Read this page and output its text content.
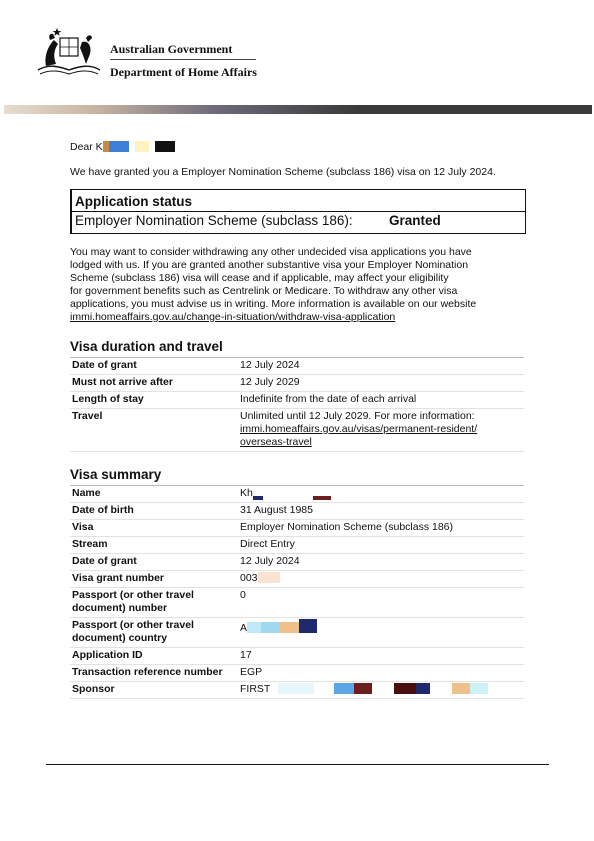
Australian Government
Department of Home Affairs
Dear K
We have granted you a Employer Nomination Scheme (subclass 186) visa on 12 July 2024.
Application status
Employer Nomination Scheme (subclass 186):	Granted
You may want to consider withdrawing any other undecided visa applications you have
lodged with us. If you are granted another substantive visa your Employer Nomination
Scheme (subclass 186) visa will cease and if applicable, may affect your eligibility
for government benefits such as Centrelink or Medicare. To withdraw any other visa
applications, you must advise us in writing. More information is available on our website
immi.homeaffairs.gov.au/change-in-situation/withdraw-visa-application
Visa duration and travel
Date of grant	12 July 2024
Must not arrive after	12 July 2029
Length of stay	Indefinite from the date of each arrival
Travel	Unlimited until 12 July 2029. For more information:
immi.homeaffairs.gov.au/visas/permanent-resident/
overseas-travel
Visa summary
Name	Kh
Date of birth	31 August 1985
Visa	Employer Nomination Scheme (subclass 186)
Stream	Direct Entry
Date of grant	12 July 2024
Visa grant number	003
Passport (or other travel document) number	0
Passport (or other travel document) country	A
Application ID	17
Transaction reference number	EGP
Sponsor	FIRST
